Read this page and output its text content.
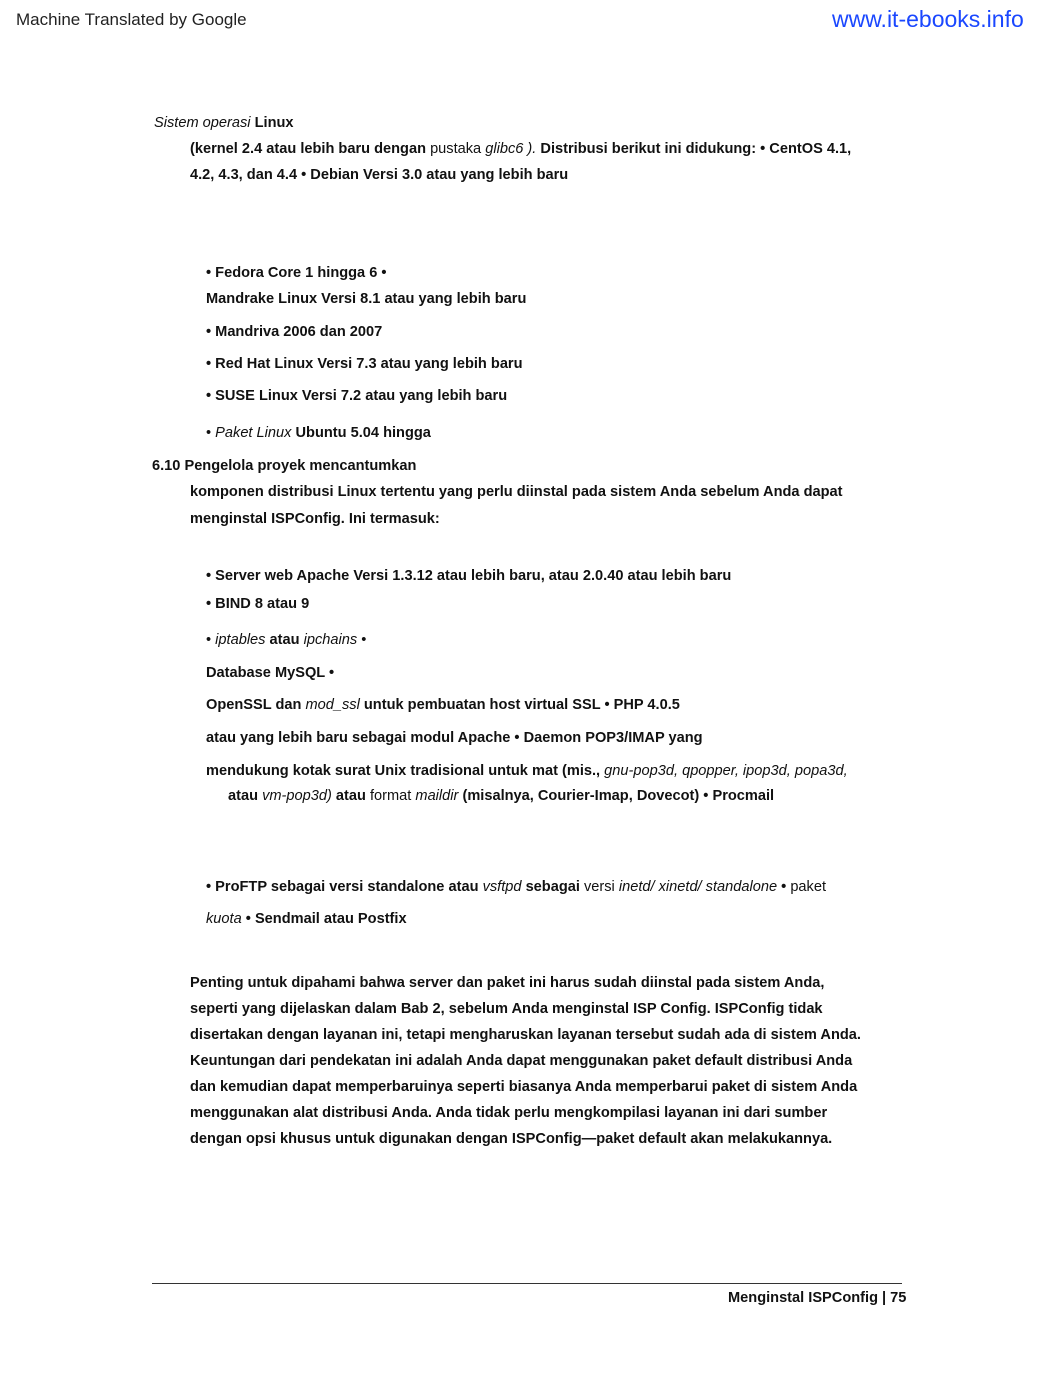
Machine Translated by Google	www.it-ebooks.info
Sistem operasi Linux
(kernel 2.4 atau lebih baru dengan pustaka glibc6 ). Distribusi berikut ini didukung: • CentOS 4.1,
4.2, 4.3, dan 4.4 • Debian Versi 3.0 atau yang lebih baru
• Fedora Core 1 hingga 6 •
Mandrake Linux Versi 8.1 atau yang lebih baru
• Mandriva 2006 dan 2007
• Red Hat Linux Versi 7.3 atau yang lebih baru
• SUSE Linux Versi 7.2 atau yang lebih baru
• Paket Linux Ubuntu 5.04 hingga
6.10 Pengelola proyek mencantumkan
komponen distribusi Linux tertentu yang perlu diinstal pada sistem Anda sebelum Anda dapat
menginstal ISPConfig. Ini termasuk:
• Server web Apache Versi 1.3.12 atau lebih baru, atau 2.0.40 atau lebih baru
• BIND 8 atau 9
• iptables atau ipchains •
Database MySQL •
OpenSSL dan mod_ssl untuk pembuatan host virtual SSL • PHP 4.0.5
atau yang lebih baru sebagai modul Apache • Daemon POP3/IMAP yang
mendukung kotak surat Unix tradisional untuk mat (mis., gnu-pop3d, qpopper, ipop3d, popa3d,
atau vm-pop3d) atau format maildir (misalnya, Courier-Imap, Dovecot) • Procmail
• ProFTP sebagai versi standalone atau vsftpd sebagai versi inetd/ xinetd/ standalone • paket
kuota • Sendmail atau Postfix
Penting untuk dipahami bahwa server dan paket ini harus sudah diinstal pada sistem Anda,
seperti yang dijelaskan dalam Bab 2, sebelum Anda menginstal ISP Config. ISPConfig tidak
disertakan dengan layanan ini, tetapi mengharuskan layanan tersebut sudah ada di sistem Anda.
Keuntungan dari pendekatan ini adalah Anda dapat menggunakan paket default distribusi Anda
dan kemudian dapat memperbaruinya seperti biasanya Anda memperbarui paket di sistem Anda
menggunakan alat distribusi Anda. Anda tidak perlu mengkompilasi layanan ini dari sumber
dengan opsi khusus untuk digunakan dengan ISPConfig—paket default akan melakukannya.
Menginstal ISPConfig | 75
